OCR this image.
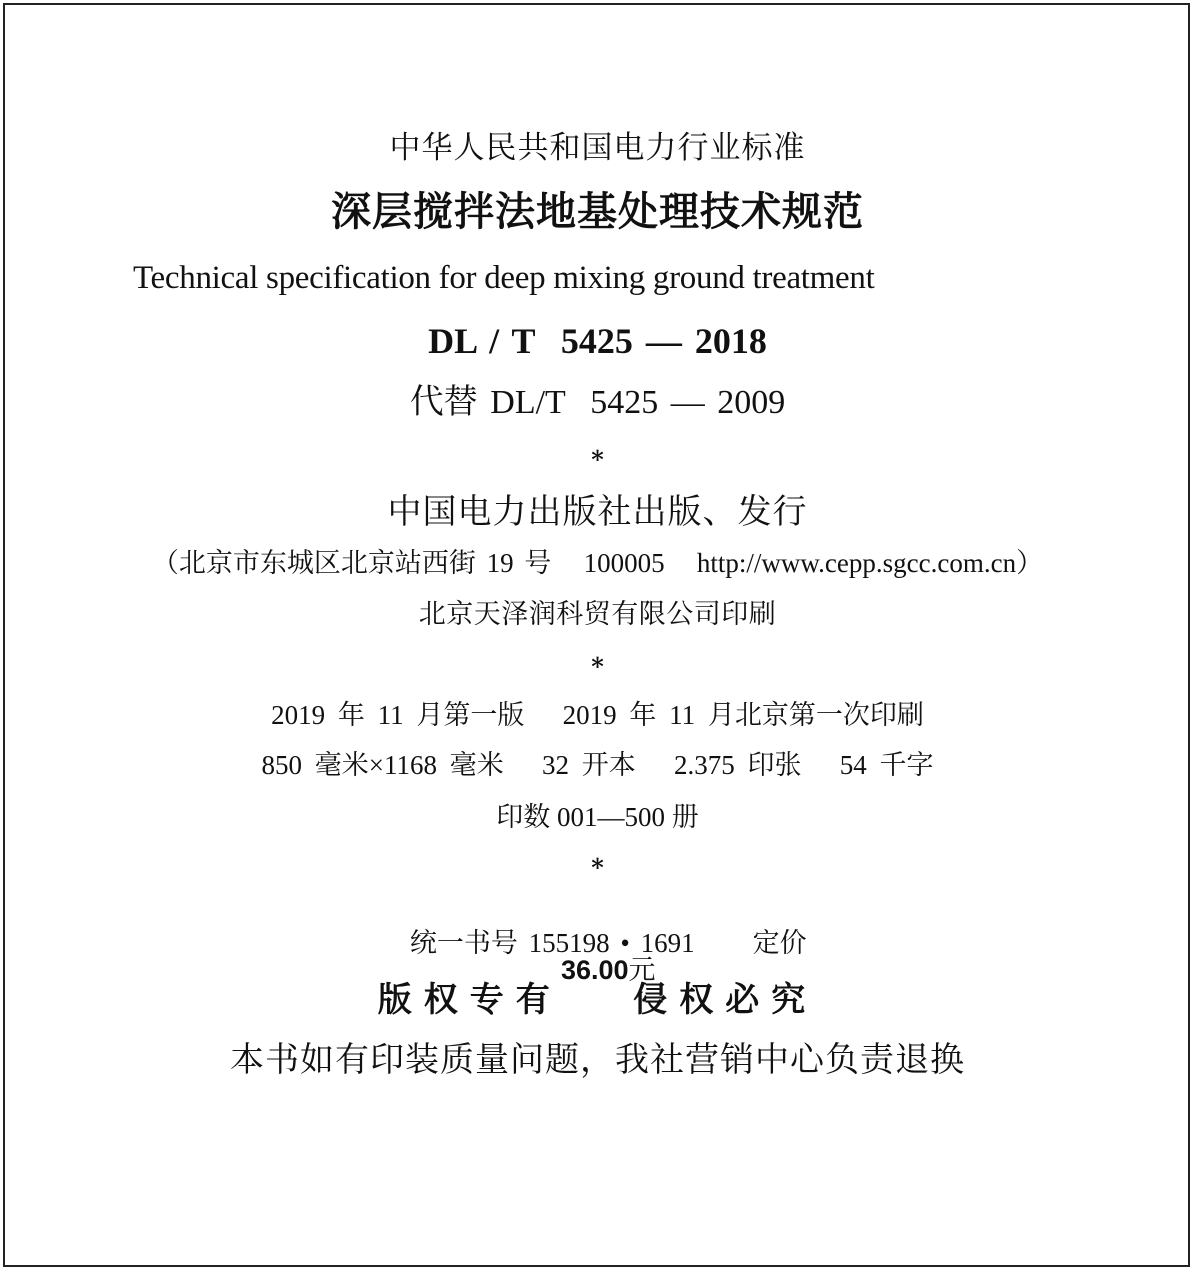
中华人民共和国电力行业标准
深层搅拌法地基处理技术规范
Technical specification for deep mixing ground treatment
DL / T  5425 — 2018
代替 DL/T  5425 — 2009
*
中国电力出版社出版、发行
（北京市东城区北京站西街 19 号   100005   http://www.cepp.sgcc.com.cn）
北京天泽润科贸有限公司印刷
*
2019 年 11 月第一版   2019 年 11 月北京第一次印刷
850 毫米×1168 毫米   32 开本   2.375 印张   54 千字
印数 001—500 册
*

统一书号 155198 • 1691 定价
36.00元

版权专有   侵权必究
本书如有印装质量问题，我社营销中心负责退换
